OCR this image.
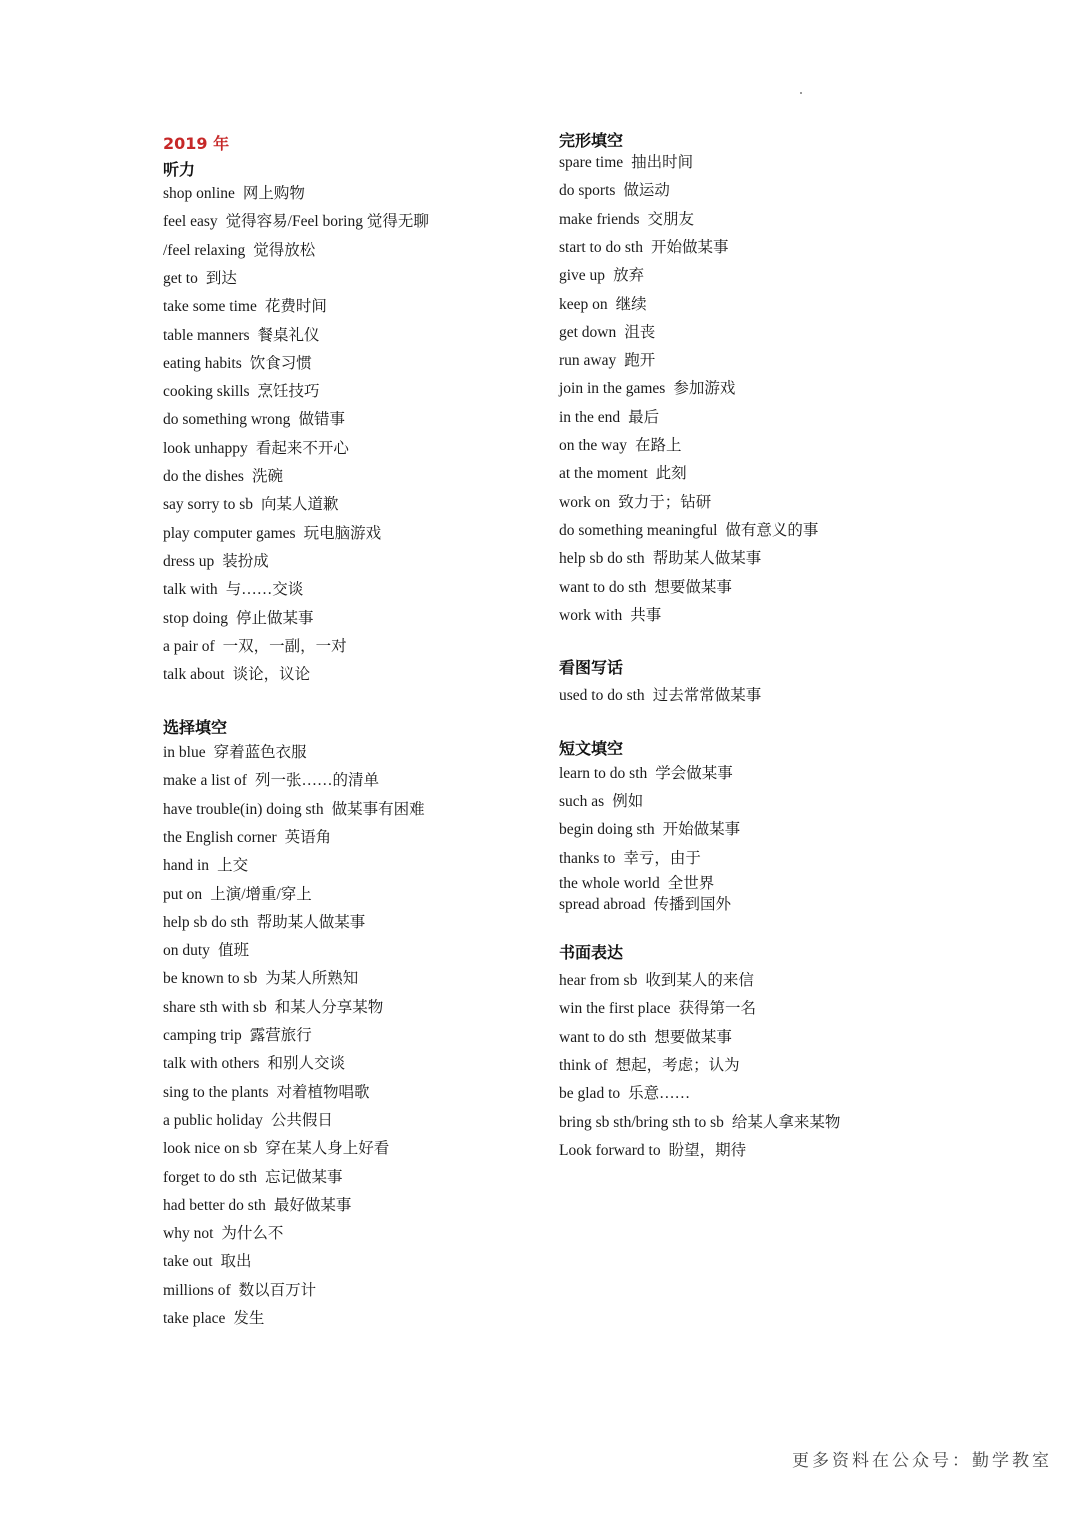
2019 年
听力
shop online 网上购物
feel easy 觉得容易/Feel boring 觉得无聊
/feel relaxing 觉得放松
get to 到达
take some time 花费时间
table manners 餐桌礼仪
eating habits 饮食习惯
cooking skills 烹饪技巧
do something wrong 做错事
look unhappy 看起来不开心
do the dishes 洗碗
say sorry to sb 向某人道歉
play computer games 玩电脑游戏
dress up 装扮成
talk with 与……交谈
stop doing 停止做某事
a pair of 一双，一副，一对
talk about 谈论，议论
选择填空
in blue 穿着蓝色衣服
make a list of 列一张……的清单
have trouble(in) doing sth 做某事有困难
the English corner 英语角
hand in 上交
put on 上演/增重/穿上
help sb do sth 帮助某人做某事
on duty 值班
be known to sb 为某人所熟知
share sth with sb 和某人分享某物
camping trip 露营旅行
talk with others 和别人交谈
sing to the plants 对着植物唱歌
a public holiday 公共假日
look nice on sb 穿在某人身上好看
forget to do sth 忘记做某事
had better do sth 最好做某事
why not 为什么不
take out 取出
millions of 数以百万计
take place 发生
完形填空
spare time 抽出时间
do sports 做运动
make friends 交朋友
start to do sth 开始做某事
give up 放弃
keep on 继续
get down 沮丧
run away 跑开
join in the games 参加游戏
in the end 最后
on the way 在路上
at the moment 此刻
work on 致力于；钻研
do something meaningful 做有意义的事
help sb do sth 帮助某人做某事
want to do sth 想要做某事
work with 共事
看图写话
used to do sth 过去常常做某事
短文填空
learn to do sth 学会做某事
such as 例如
begin doing sth 开始做某事
thanks to 幸亏，由于
the whole world 全世界
spread abroad 传播到国外
书面表达
hear from sb 收到某人的来信
win the first place 获得第一名
want to do sth 想要做某事
think of 想起，考虑；认为
be glad to 乐意……
bring sb sth/bring sth to sb 给某人拿来某物
Look forward to 盼望，期待
更多资料在公众号：勤学教室
